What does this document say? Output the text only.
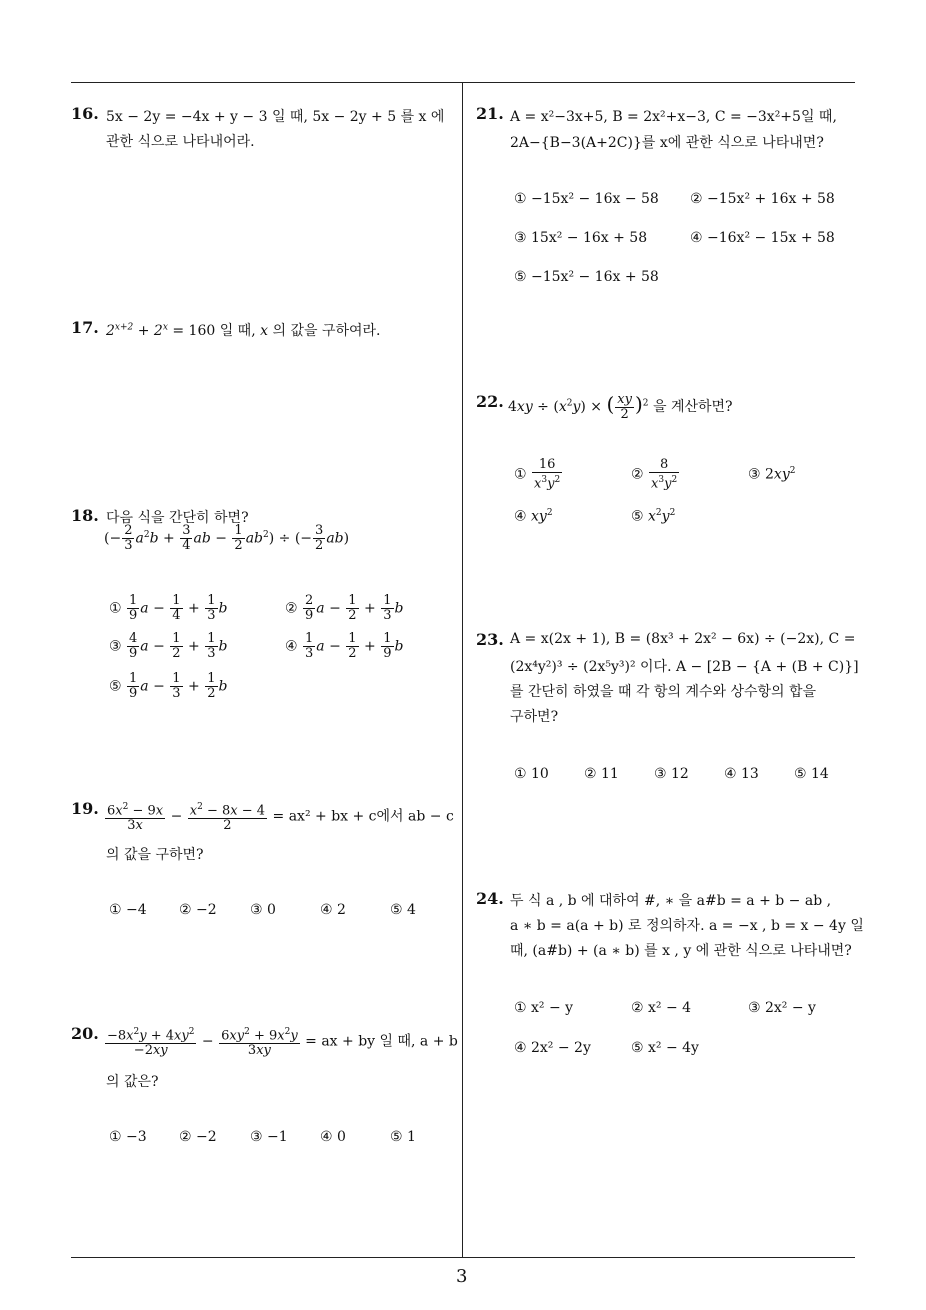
16. 5x − 2y = −4x + y − 3 일 때, 5x − 2y + 5 를 x 에
관한 식으로 나타내어라.
17. $2^{x+2} + 2^x = 160$ 일 때, x 의 값을 구하여라.
18. 다음 식을 간단히 하면?
(− $\frac{2}{3} a^2b + \frac{3}{4}$ ab − $\frac{1}{2} ab^2$) ÷ (− $\frac{3}{2} ab$)
① $\frac{1}{9}$ $a - \frac{1}{4} + \frac{1}{3}$ b	② $\frac{2}{9}$ $a - \frac{1}{2} + \frac{1}{3}$ b
③ $\frac{4}{9}$ $a - \frac{1}{2} + \frac{1}{3}$ b	④ $\frac{1}{3}$ $a - \frac{1}{2} + \frac{1}{9}$ b
⑤ $\frac{1}{9}$ $a - \frac{1}{3} + \frac{1}{2}$ b
19. $\frac{6x^2 - 9x}{3x} - \frac{x^2 - 8x - 4}{2} = ax^2$ + bx + c에서 ab − c
의 값을 구하면?
① −4 ② −2 ③ 0	④ 2	⑤ 4
20. $\frac{-8x^2y + 4xy^2}{-2xy} - \frac{6xy^2 + 9x^2y}{3xy}$ = ax + by 일 때, a + b
의 값은?
① −3 ② −2 ③ −1 ④ 0	⑤ 1
21. A = x²−3x+5, B = 2x²+x−3, C = −3x²+5일 때,
2A−{B−3(A+2C)}를 x에 관한 식으로 나타내면?
① −15x² − 16x − 58 ② −15x² + 16x + 58
③ 15x² − 16x + 58	④ −16x² − 15x + 58
⑤ −15x² − 16x + 58
22. $4xy \div (x^2y)$ × ( $\frac{xy}{2} )^2$ 을 계산하면?
① $\frac{16}{x^3y^2}$	② $\frac{8}{x^3y^2}$	③ $2xy^2$
④ $xy^2$	⑤ $x^2y^2$
23. A = x(2x + 1), B = (8x³ + 2x² − 6x) ÷ (−2x), C =
(2x⁴y²)³ ÷ (2x⁵y³)² 이다. A − [2B − {A + (B + C)}]
를 간단히 하였을 때 각 항의 계수와 상수항의 합을
구하면?
① 10	② 11	③ 12	④ 13	⑤ 14
24. 두 식 a , b 에 대하여 #, ∗ 을 a#b = a + b − ab ,
a ∗ b = a(a + b) 로 정의하자. a = −x , b = x − 4y 일
때, (a#b) + (a ∗ b) 를 x , y 에 관한 식으로 나타내면?
① x² − y	② x² − 4	③ 2x² − y
④ 2x² − 2y	⑤ x² − 4y
3
